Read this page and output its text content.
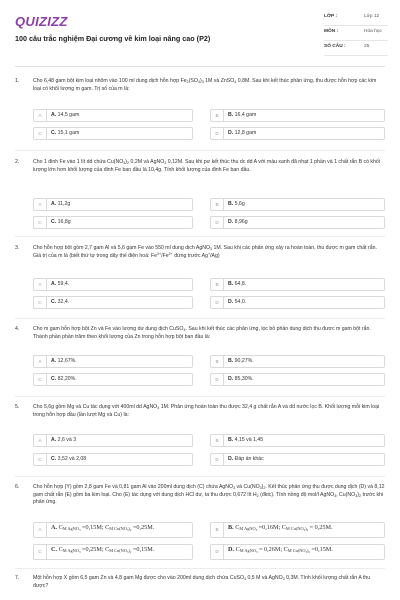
QUIZIZZ
100 câu trắc nghiệm Đại cương về kim loại nâng cao (P2)
LỚP :	Lớp 12
MÔN :	Hóa học
SỐ CÂU :	25
1.	Cho 6,48 gam bột kim loại nhôm vào 100 ml dung dịch hỗn hợp $Fe_2(SO_4)_3$ 1M và ZnSO$_4$ 0,8M. Sau khi kết thúc phản ứng, thu được hỗn hợp các kim loại có khối lượng m gam. Trị số của m là:
A	A. 14,5 gam	B	B. 16,4 gam
C	C. 15,1 gam	D	D. 12,8 gam
2.	Cho 1 đinh Fe vào 1 lít dd chứa $Cu(NO_3)_2$ 0,2M và AgNO$_3$ 0,12M. Sau khi pư kết thúc thu dc dd A với màu xanh đã nhạt 1 phần và 1 chất rắn B có khối lượng lớn hơn khối lượng của đinh Fe ban đầu là 10,4g. Tính khối lượng của đinh Fe ban đầu.
A	A. 11,2g	B	B. 5,6g
C	C. 16,8g	D	D. 8,96g
3.	Cho hỗn hợp bột gồm 2,7 gam Al và 5,6 gam Fe vào 550 ml dung dịch AgNO$_3$ 1M. Sau khi các phản ứng xảy ra hoàn toàn, thu được m gam chất rắn. Giá trị của m là (biết thứ tự trong dãy thế điện hoá: $Fe^{3+}/Fe^{2+}$ đứng trước Ag+/Ag)
A	A. 59,4.	B	B. 64,8.
C	C. 32,4.	D	D. 54,0.
4.	Cho m gam hỗn hợp bột Zn và Fe vào lượng dư dung dịch CuSO$_4$. Sau khi kết thúc các phản ứng, lọc bỏ phần dung dịch thu được m gam bột rắn. Thành phần phần trăm theo khối lượng của Zn trong hỗn hợp bột ban đầu là:
A	A. 12,67%.	B	B. 90,27%.
C	C. 82,20%.	D	D. 85,30%.
5.	Cho 5,6g gồm Mg và Cu tác dụng với 400ml dd AgNO$_3$ 1M. Phản ứng hoàn toàn thu được 32,4 g chất rắn A và dd nước lọc B. Khối lượng mỗi kim loại trong hỗn hợp đầu (lần lượt Mg và Cu) là:
A	A. 2,6 và 3	B	B. 4,15 và 1,45
C	C. 3,52 và 2,08	D	D. Đáp án khác
6.	Cho hỗn hợp (Y) gồm 2,8 gam Fe và 0,81 gam Al vào 200ml dung dịch (C) chứa AgNO$_3$ và $Cu(NO_3)_2$. Kết thúc phản ứng thu được dung dịch (D) và 8,12 gam chất rắn (E) gồm ba kim loại. Cho (E) tác dụng với dung dịch HCl dư, ta thu được 0,672 lít $H_2$ (đktc). Tính nồng độ mol/l AgNO$_3$, $Cu(NO_3)_2$ trước khi phản ứng.
A	A. $C_{M AgNO_3} =0,15M$; $C_{M Cu(NO_3)_2} =0,25M$.	B	B. $C_{M AgNO_3} =0,16M$; $C_{M Cu(NO_3)_2} = 0,25M$.
C	C. $C_{M AgNO_3} =0,25M$; $C_{M Cu(NO_3)_2} =0,15M$.	D	D. $C_{M AgNO_3} = 0,26M$; $C_{M Cu(NO_3)_2} =0,15M$.
7.	Một hỗn hợp X gồm 6,5 gam Zn và 4,8 gam Mg được cho vào 200ml dung dịch chứa CuSO$_4$ 0,5 M và AgNO$_3$ 0,3M. Tính khối lượng chất rắn A thu được?
